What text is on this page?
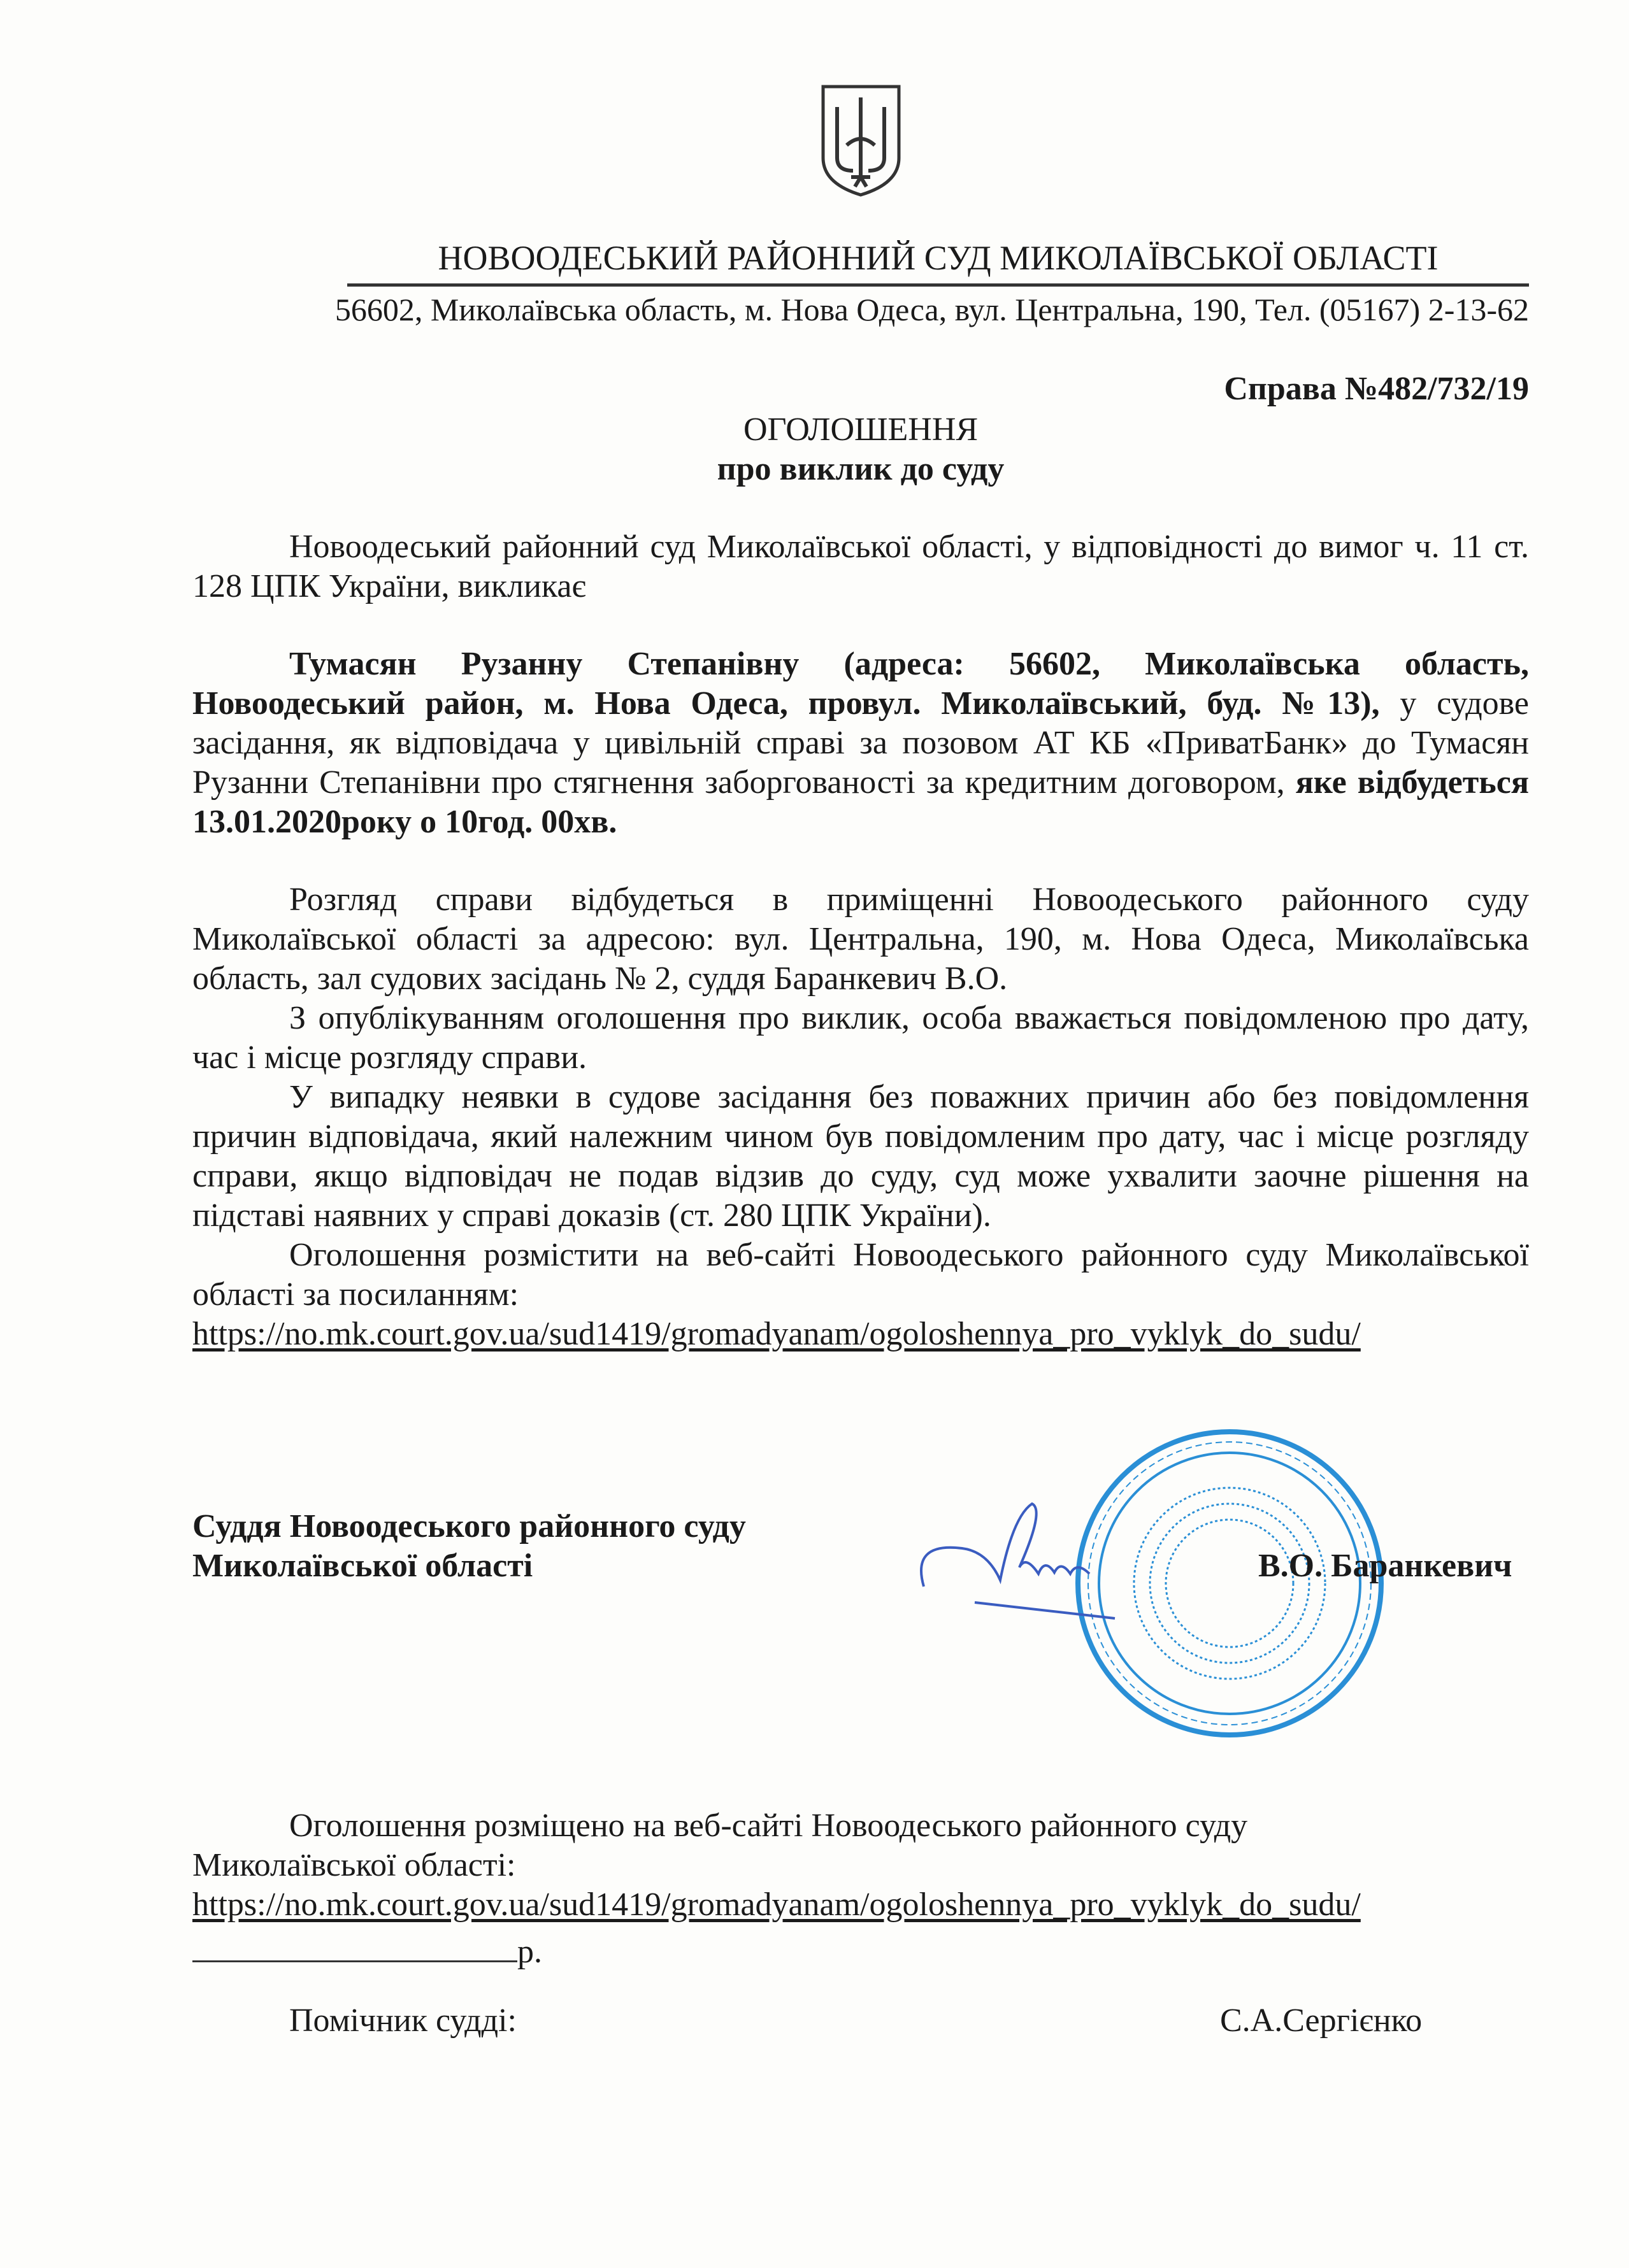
НОВООДЕСЬКИЙ РАЙОННИЙ СУД МИКОЛАЇВСЬКОЇ ОБЛАСТІ
56602, Миколаївська область, м. Нова Одеса, вул. Центральна, 190, Тел. (05167) 2-13-62
Справа №482/732/19
ОГОЛОШЕННЯ
про виклик до суду

Новоодеський районний суд Миколаївської області, у відповідності до вимог ч. 11 ст. 128 ЦПК України, викликає

Тумасян Рузанну Степанівну (адреса: 56602, Миколаївська область, Новоодеський район, м. Нова Одеса, провул. Миколаївський, буд. №13), у судове засідання, як відповідача у цивільній справі за позовом АТ КБ «ПриватБанк» до Тумасян Рузанни Степанівни про стягнення заборгованості за кредитним договором, яке відбудеться 13.01.2020року о 10год. 00хв.

Розгляд справи відбудеться в приміщенні Новоодеського районного суду Миколаївської області за адресою: вул. Центральна, 190, м. Нова Одеса, Миколаївська область, зал судових засідань № 2, суддя Баранкевич В.О.

З опублікуванням оголошення про виклик, особа вважається повідомленою про дату, час і місце розгляду справи.

У випадку неявки в судове засідання без поважних причин або без повідомлення причин відповідача, який належним чином був повідомленим про дату, час і місце розгляду справи, якщо відповідач не подав відзив до суду, суд може ухвалити заочне рішення на підставі наявних у справі доказів (ст. 280 ЦПК України).

Оголошення розмістити на веб-сайті Новоодеського районного суду Миколаївської області за посиланням:

https://no.mk.court.gov.ua/sud1419/gromadyanam/ogoloshennya_pro_vyklyk_do_sudu/

Суддя Новоодеського районного суду
Миколаївської області	В.О. Баранкевич

Оголошення розміщено на веб-сайті Новоодеського районного суду Миколаївської області:

https://no.mk.court.gov.ua/sud1419/gromadyanam/ogoloshennya_pro_vyklyk_do_sudu/

р.
Помічник судді:	С.А.Сергієнко
